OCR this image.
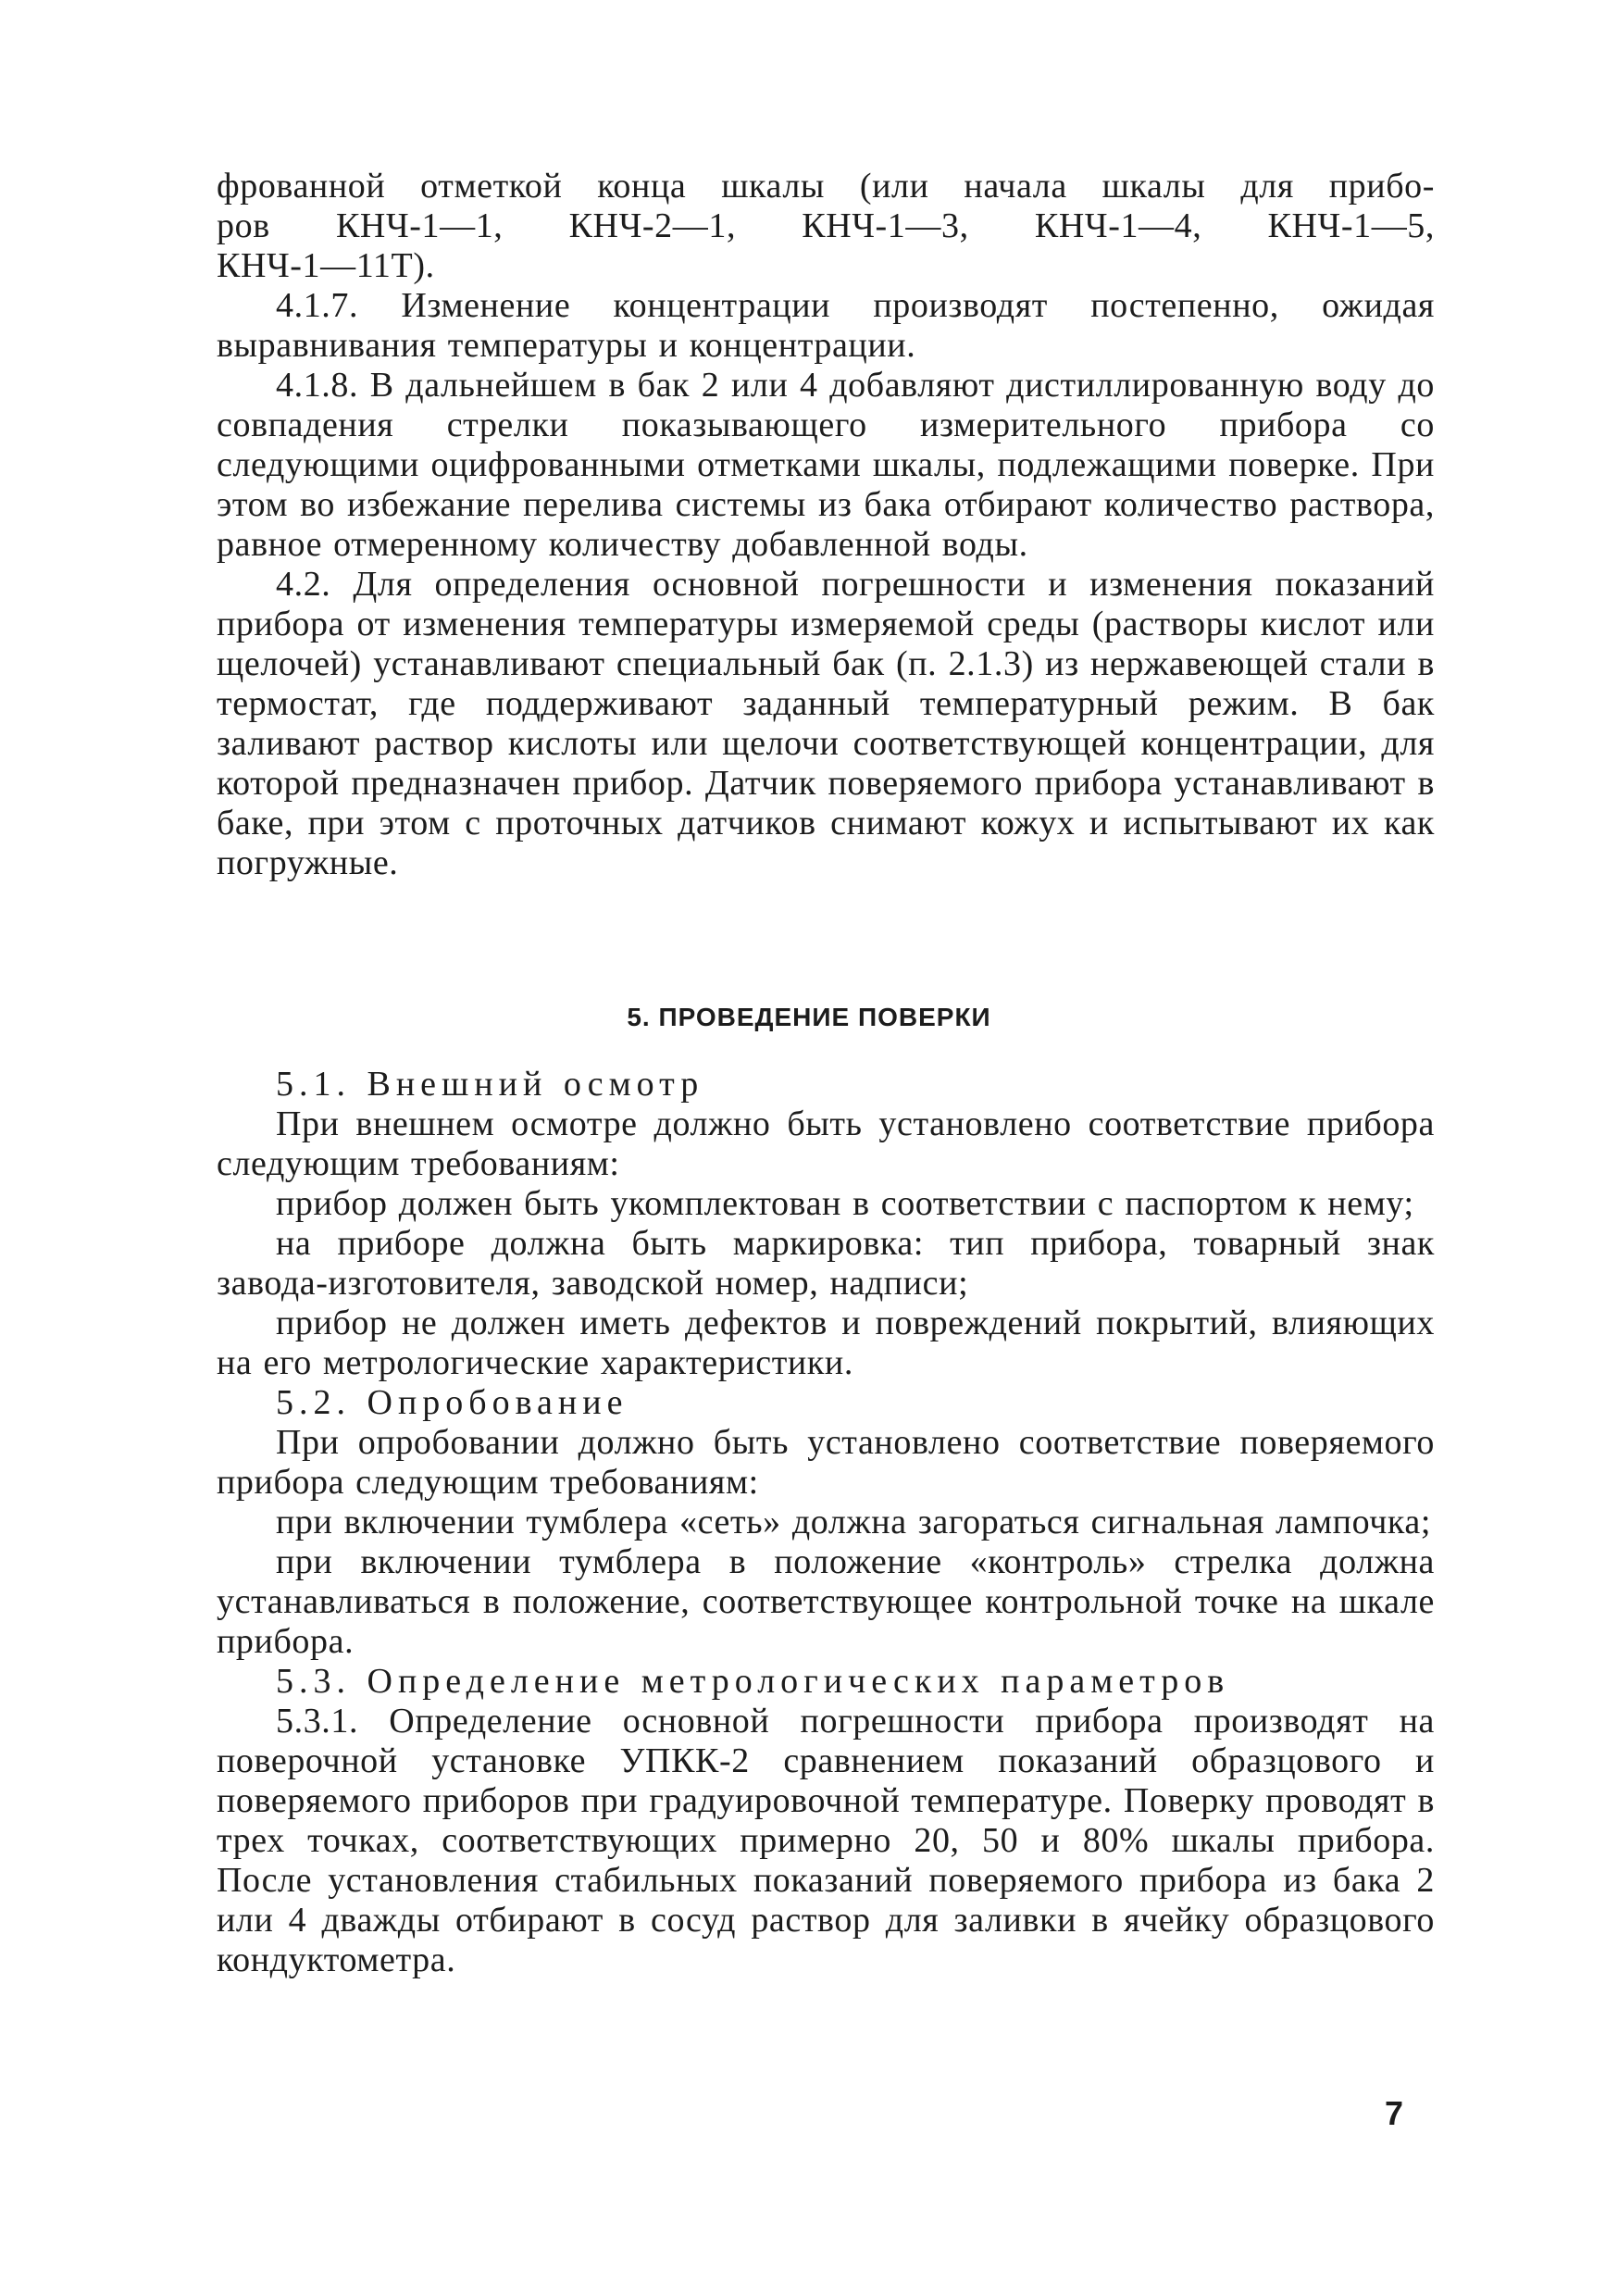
фрованной отметкой конца шкалы (или начала шкалы для прибо-
ров КНЧ-1—1, КНЧ-2—1, КНЧ-1—3, КНЧ-1—4, КНЧ-1—5,
КНЧ-1—11Т).

4.1.7. Изменение концентрации производят постепенно, ожидая выравнивания температуры и концентрации.

4.1.8. В дальнейшем в бак 2 или 4 добавляют дистиллированную воду до совпадения стрелки показывающего измерительного прибора со следующими оцифрованными отметками шкалы, подлежащими поверке. При этом во избежание перелива системы из бака отбирают количество раствора, равное отмеренному количеству добавленной воды.

4.2. Для определения основной погрешности и изменения показаний прибора от изменения температуры измеряемой среды (растворы кислот или щелочей) устанавливают специальный бак (п. 2.1.3) из нержавеющей стали в термостат, где поддерживают заданный температурный режим. В бак заливают раствор кислоты или щелочи соответствующей концентрации, для которой предназначен прибор. Датчик поверяемого прибора устанавливают в баке, при этом с проточных датчиков снимают кожух и испытывают их как погружные.

5. ПРОВЕДЕНИЕ ПОВЕРКИ

5.1. Внешний осмотр

При внешнем осмотре должно быть установлено соответствие прибора следующим требованиям:

прибор должен быть укомплектован в соответствии с паспортом к нему;

на приборе должна быть маркировка: тип прибора, товарный знак завода-изготовителя, заводской номер, надписи;

прибор не должен иметь дефектов и повреждений покрытий, влияющих на его метрологические характеристики.

5.2. Опробование

При опробовании должно быть установлено соответствие поверяемого прибора следующим требованиям:

при включении тумблера «сеть» должна загораться сигнальная лампочка;

при включении тумблера в положение «контроль» стрелка должна устанавливаться в положение, соответствующее контрольной точке на шкале прибора.

5.3. Определение метрологических параметров

5.3.1. Определение основной погрешности прибора производят на поверочной установке УПКК-2 сравнением показаний образцового и поверяемого приборов при градуировочной температуре. Поверку проводят в трех точках, соответствующих примерно 20, 50 и 80% шкалы прибора. После установления стабильных показаний поверяемого прибора из бака 2 или 4 дважды отбирают в сосуд раствор для заливки в ячейку образцового кондуктометра.

7
